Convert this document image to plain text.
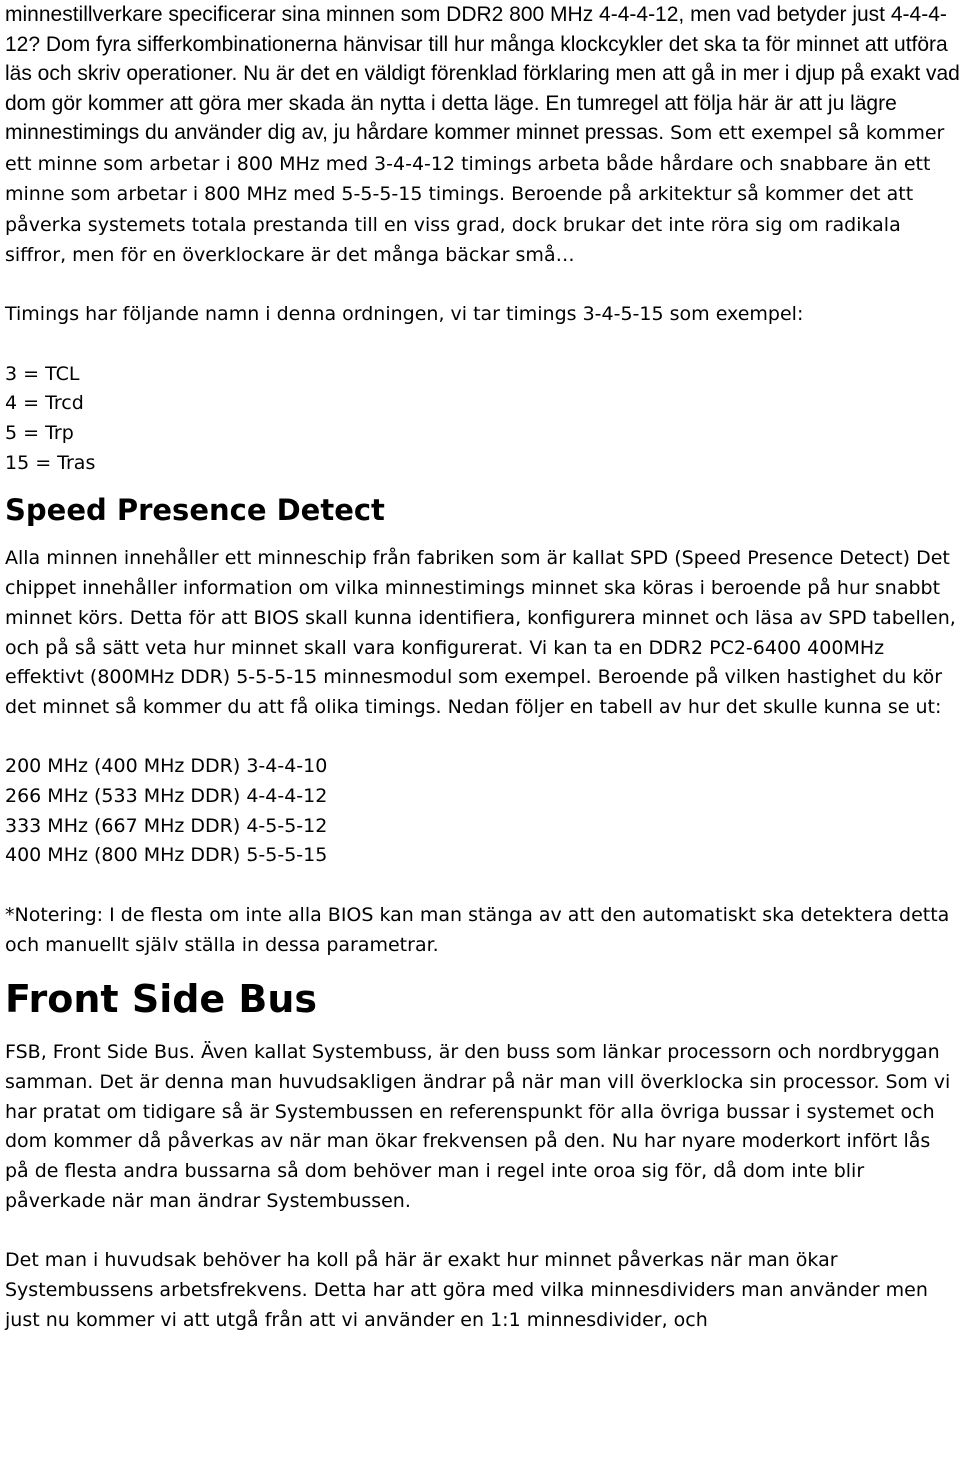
minnestillverkare specificerar sina minnen som DDR2 800 MHz 4-4-4-12, men vad betyder just 4-4-4-12? Dom fyra sifferkombinationerna hänvisar till hur många klockcykler det ska ta för minnet att utföra läs och skriv operationer. Nu är det en väldigt förenklad förklaring men att gå in mer i djup på exakt vad dom gör kommer att göra mer skada än nytta i detta läge. En tumregel att följa här är att ju lägre minnestimings du använder dig av, ju hårdare kommer minnet pressas. Som ett exempel så kommer ett minne som arbetar i 800 MHz med 3-4-4-12 timings arbeta både hårdare och snabbare än ett minne som arbetar i 800 MHz med 5-5-5-15 timings. Beroende på arkitektur så kommer det att påverka systemets totala prestanda till en viss grad, dock brukar det inte röra sig om radikala siffror, men för en överklockare är det många bäckar små…

Timings har följande namn i denna ordningen, vi tar timings 3-4-5-15 som exempel:

3 = TCL
4 = Trcd
5 = Trp
15 = Tras
Speed Presence Detect

Alla minnen innehåller ett minneschip från fabriken som är kallat SPD (Speed Presence Detect) Det chippet innehåller information om vilka minnestimings minnet ska köras i beroende på hur snabbt minnet körs. Detta för att BIOS skall kunna identifiera, konfigurera minnet och läsa av SPD tabellen, och på så sätt veta hur minnet skall vara konfigurerat. Vi kan ta en DDR2 PC2-6400 400MHz effektivt (800MHz DDR) 5-5-5-15 minnesmodul som exempel. Beroende på vilken hastighet du kör det minnet så kommer du att få olika timings. Nedan följer en tabell av hur det skulle kunna se ut:

200 MHz (400 MHz DDR) 3-4-4-10
266 MHz (533 MHz DDR) 4-4-4-12
333 MHz (667 MHz DDR) 4-5-5-12
400 MHz (800 MHz DDR) 5-5-5-15

*Notering: I de flesta om inte alla BIOS kan man stänga av att den automatiskt ska detektera detta och manuellt själv ställa in dessa parametrar.

Front Side Bus

FSB, Front Side Bus. Även kallat Systembuss, är den buss som länkar processorn och nordbryggan samman. Det är denna man huvudsakligen ändrar på när man vill överklocka sin processor. Som vi har pratat om tidigare så är Systembussen en referenspunkt för alla övriga bussar i systemet och dom kommer då påverkas av när man ökar frekvensen på den. Nu har nyare moderkort infört lås på de flesta andra bussarna så dom behöver man i regel inte oroa sig för, då dom inte blir påverkade när man ändrar Systembussen.

Det man i huvudsak behöver ha koll på här är exakt hur minnet påverkas när man ökar Systembussens arbetsfrekvens. Detta har att göra med vilka minnesdividers man använder men just nu kommer vi att utgå från att vi använder en 1:1 minnesdivider, och
